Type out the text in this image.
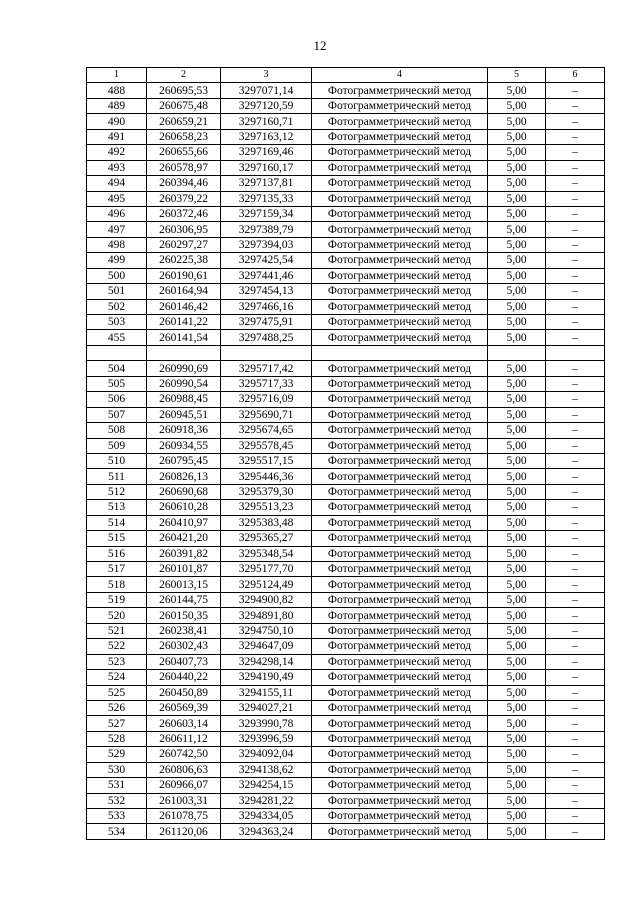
12
1	2	3	4	5	6
488	260695,53	3297071,14	Фотограмметрический метод	5,00	–
489	260675,48	3297120,59	Фотограмметрический метод	5,00	–
490	260659,21	3297160,71	Фотограмметрический метод	5,00	–
491	260658,23	3297163,12	Фотограмметрический метод	5,00	–
492	260655,66	3297169,46	Фотограмметрический метод	5,00	–
493	260578,97	3297160,17	Фотограмметрический метод	5,00	–
494	260394,46	3297137,81	Фотограмметрический метод	5,00	–
495	260379,22	3297135,33	Фотограмметрический метод	5,00	–
496	260372,46	3297159,34	Фотограмметрический метод	5,00	–
497	260306,95	3297389,79	Фотограмметрический метод	5,00	–
498	260297,27	3297394,03	Фотограмметрический метод	5,00	–
499	260225,38	3297425,54	Фотограмметрический метод	5,00	–
500	260190,61	3297441,46	Фотограмметрический метод	5,00	–
501	260164,94	3297454,13	Фотограмметрический метод	5,00	–
502	260146,42	3297466,16	Фотограмметрический метод	5,00	–
503	260141,22	3297475,91	Фотограмметрический метод	5,00	–
455	260141,54	3297488,25	Фотограмметрический метод	5,00	–

504	260990,69	3295717,42	Фотограмметрический метод	5,00	–
505	260990,54	3295717,33	Фотограмметрический метод	5,00	–
506	260988,45	3295716,09	Фотограмметрический метод	5,00	–
507	260945,51	3295690,71	Фотограмметрический метод	5,00	–
508	260918,36	3295674,65	Фотограмметрический метод	5,00	–
509	260934,55	3295578,45	Фотограмметрический метод	5,00	–
510	260795,45	3295517,15	Фотограмметрический метод	5,00	–
511	260826,13	3295446,36	Фотограмметрический метод	5,00	–
512	260690,68	3295379,30	Фотограмметрический метод	5,00	–
513	260610,28	3295513,23	Фотограмметрический метод	5,00	–
514	260410,97	3295383,48	Фотограмметрический метод	5,00	–
515	260421,20	3295365,27	Фотограмметрический метод	5,00	–
516	260391,82	3295348,54	Фотограмметрический метод	5,00	–
517	260101,87	3295177,70	Фотограмметрический метод	5,00	–
518	260013,15	3295124,49	Фотограмметрический метод	5,00	–
519	260144,75	3294900,82	Фотограмметрический метод	5,00	–
520	260150,35	3294891,80	Фотограмметрический метод	5,00	–
521	260238,41	3294750,10	Фотограмметрический метод	5,00	–
522	260302,43	3294647,09	Фотограмметрический метод	5,00	–
523	260407,73	3294298,14	Фотограмметрический метод	5,00	–
524	260440,22	3294190,49	Фотограмметрический метод	5,00	–
525	260450,89	3294155,11	Фотограмметрический метод	5,00	–
526	260569,39	3294027,21	Фотограмметрический метод	5,00	–
527	260603,14	3293990,78	Фотограмметрический метод	5,00	–
528	260611,12	3293996,59	Фотограмметрический метод	5,00	–
529	260742,50	3294092,04	Фотограмметрический метод	5,00	–
530	260806,63	3294138,62	Фотограмметрический метод	5,00	–
531	260966,07	3294254,15	Фотограмметрический метод	5,00	–
532	261003,31	3294281,22	Фотограмметрический метод	5,00	–
533	261078,75	3294334,05	Фотограмметрический метод	5,00	–
534	261120,06	3294363,24	Фотограмметрический метод	5,00	–
